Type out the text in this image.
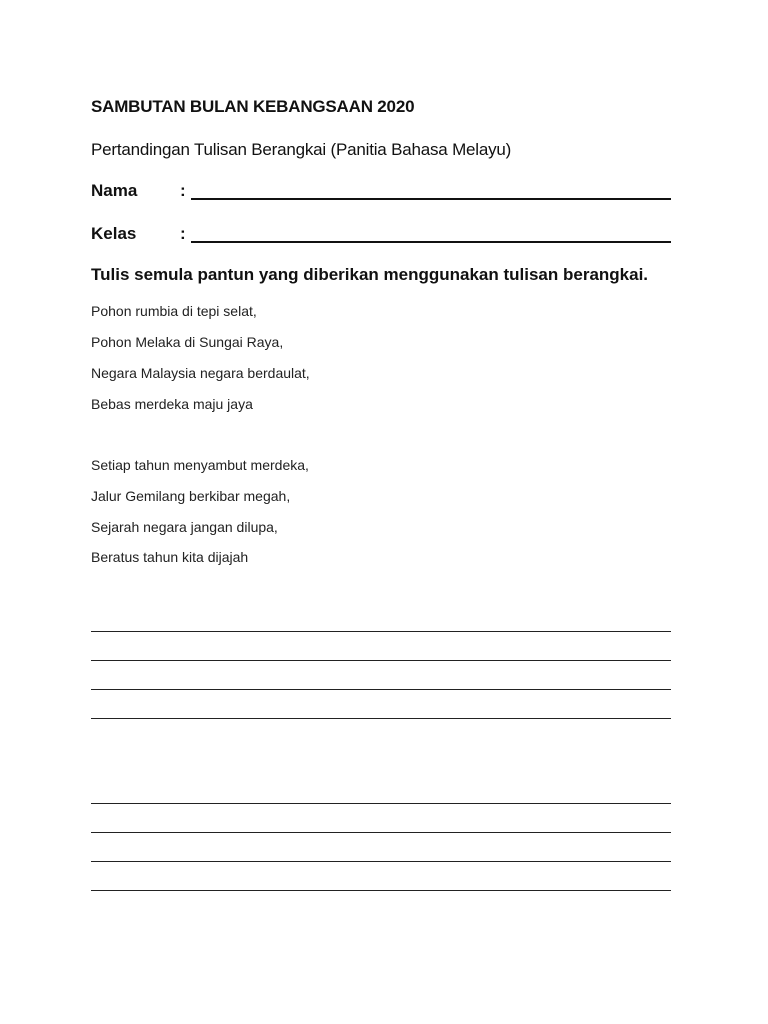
SAMBUTAN BULAN KEBANGSAAN 2020
Pertandingan Tulisan Berangkai (Panitia Bahasa Melayu)
Nama	:
Kelas	:
Tulis semula pantun yang diberikan menggunakan tulisan berangkai.
Pohon rumbia di tepi selat,
Pohon Melaka di Sungai Raya,
Negara Malaysia negara berdaulat,
Bebas merdeka maju jaya
Setiap tahun menyambut merdeka,
Jalur Gemilang berkibar megah,
Sejarah negara jangan dilupa,
Beratus tahun kita dijajah
